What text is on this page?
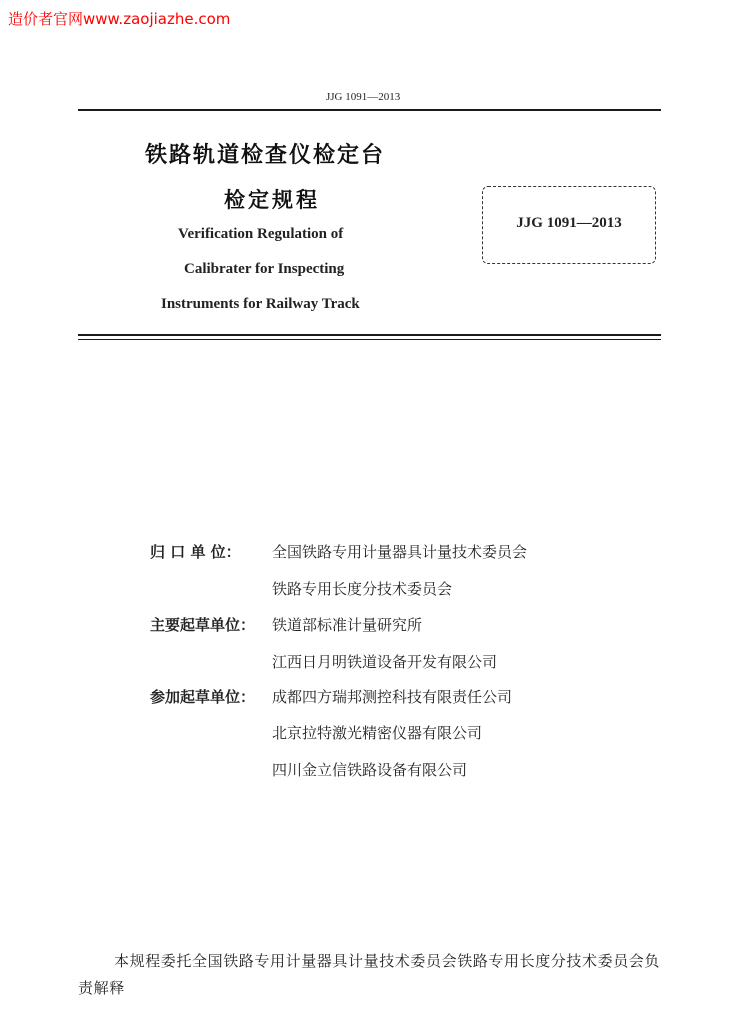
造价者官网www.zaojiazhe.com
JJG 1091—2013
铁路轨道检查仪检定台
检定规程
Verification Regulation of
Calibrater for Inspecting
Instruments for Railway Track
JJG 1091—2013
归 口 单 位： 全国铁路专用计量器具计量技术委员会
铁路专用长度分技术委员会
主要起草单位： 铁道部标准计量研究所
江西日月明铁道设备开发有限公司
参加起草单位： 成都四方瑞邦测控科技有限责任公司
北京拉特激光精密仪器有限公司
四川金立信铁路设备有限公司
本规程委托全国铁路专用计量器具计量技术委员会铁路专用长度分技术委员会负责解释
